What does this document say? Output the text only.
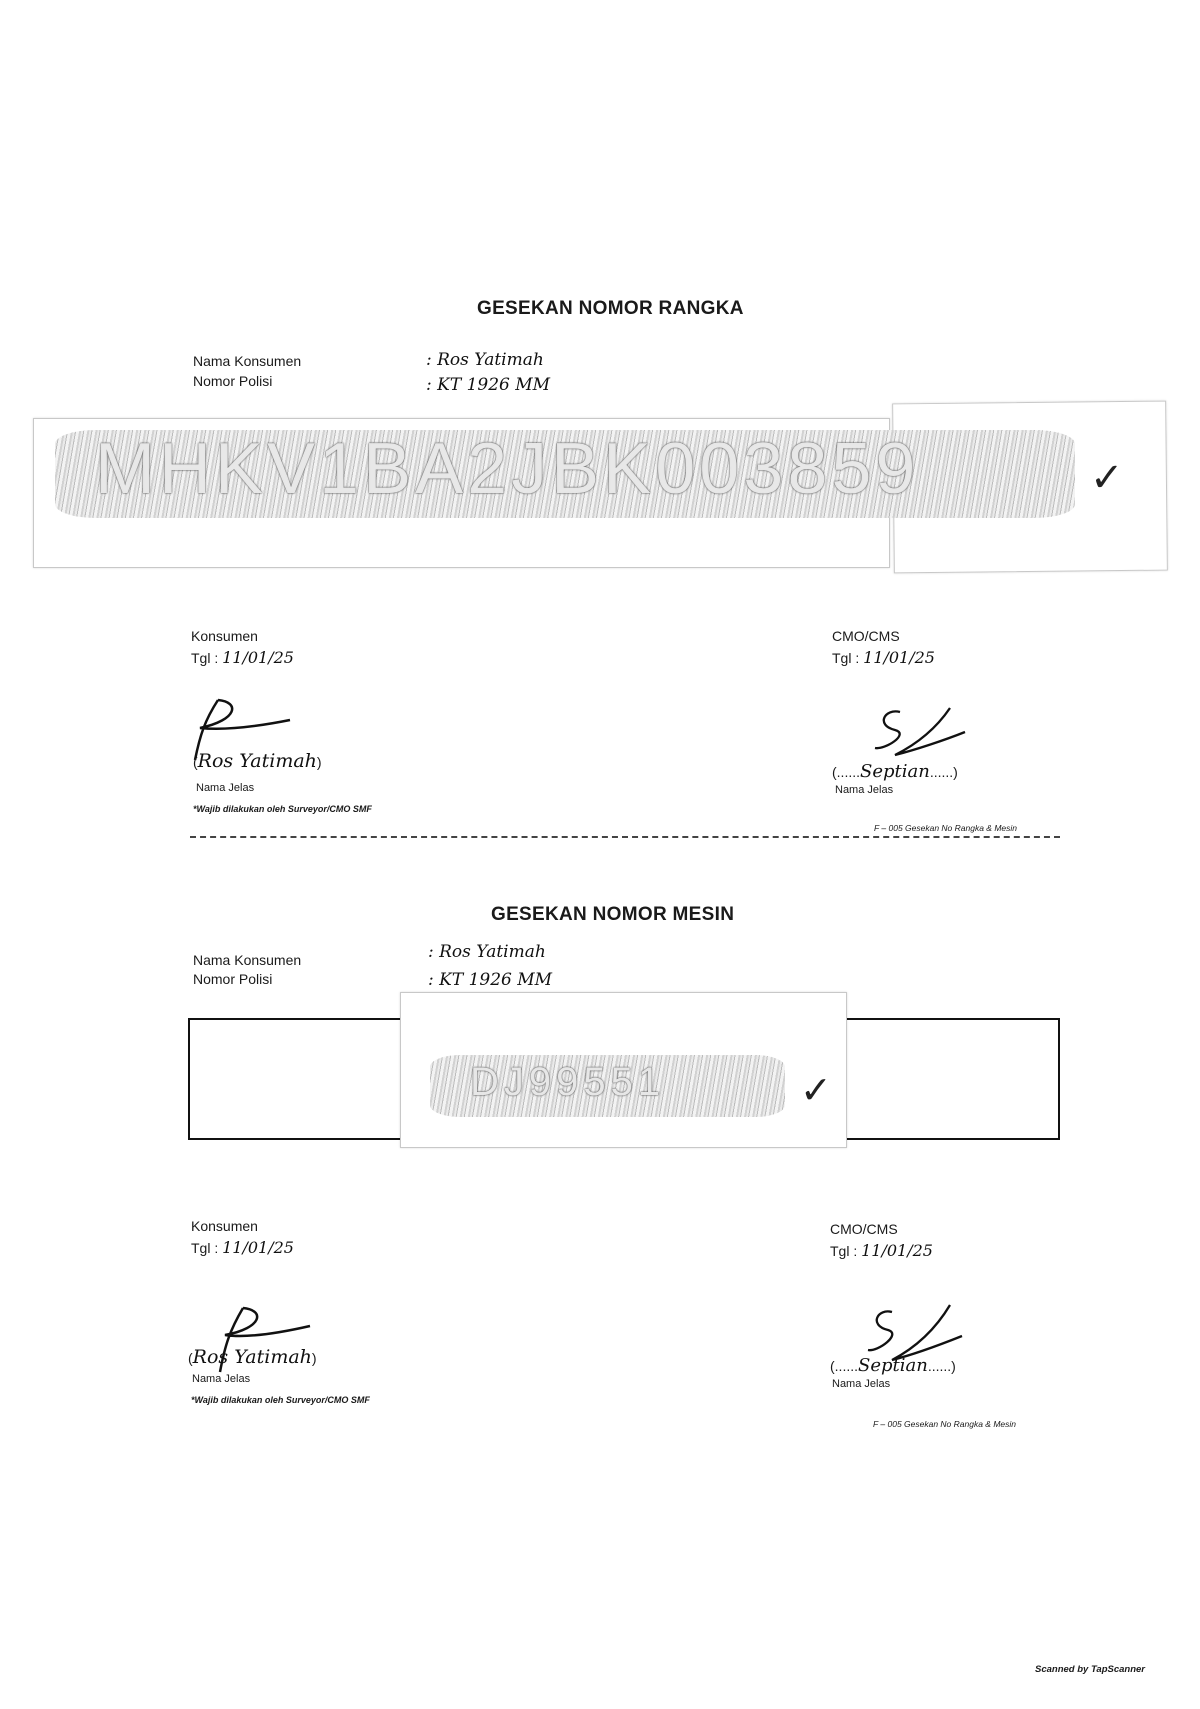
GESEKAN NOMOR RANGKA
Nama Konsumen
Nomor Polisi
: Ros Yatimah
: KT 1926 MM
MHKV1BA2JBK003859	✓
Konsumen
Tgl : 11/01/25
(Ros Yatimah)
Nama Jelas
*Wajib dilakukan oleh Surveyor/CMO SMF
CMO/CMS
Tgl : 11/01/25
(......Septian......)
Nama Jelas
F – 005 Gesekan No Rangka & Mesin
GESEKAN NOMOR MESIN
Nama Konsumen
Nomor Polisi
: Ros Yatimah
: KT 1926 MM
DJ99551	✓
Konsumen
Tgl : 11/01/25
(Ros Yatimah)
Nama Jelas
*Wajib dilakukan oleh Surveyor/CMO SMF
CMO/CMS
Tgl : 11/01/25
(......Septian......)
Nama Jelas
F – 005 Gesekan No Rangka & Mesin
Scanned by TapScanner
